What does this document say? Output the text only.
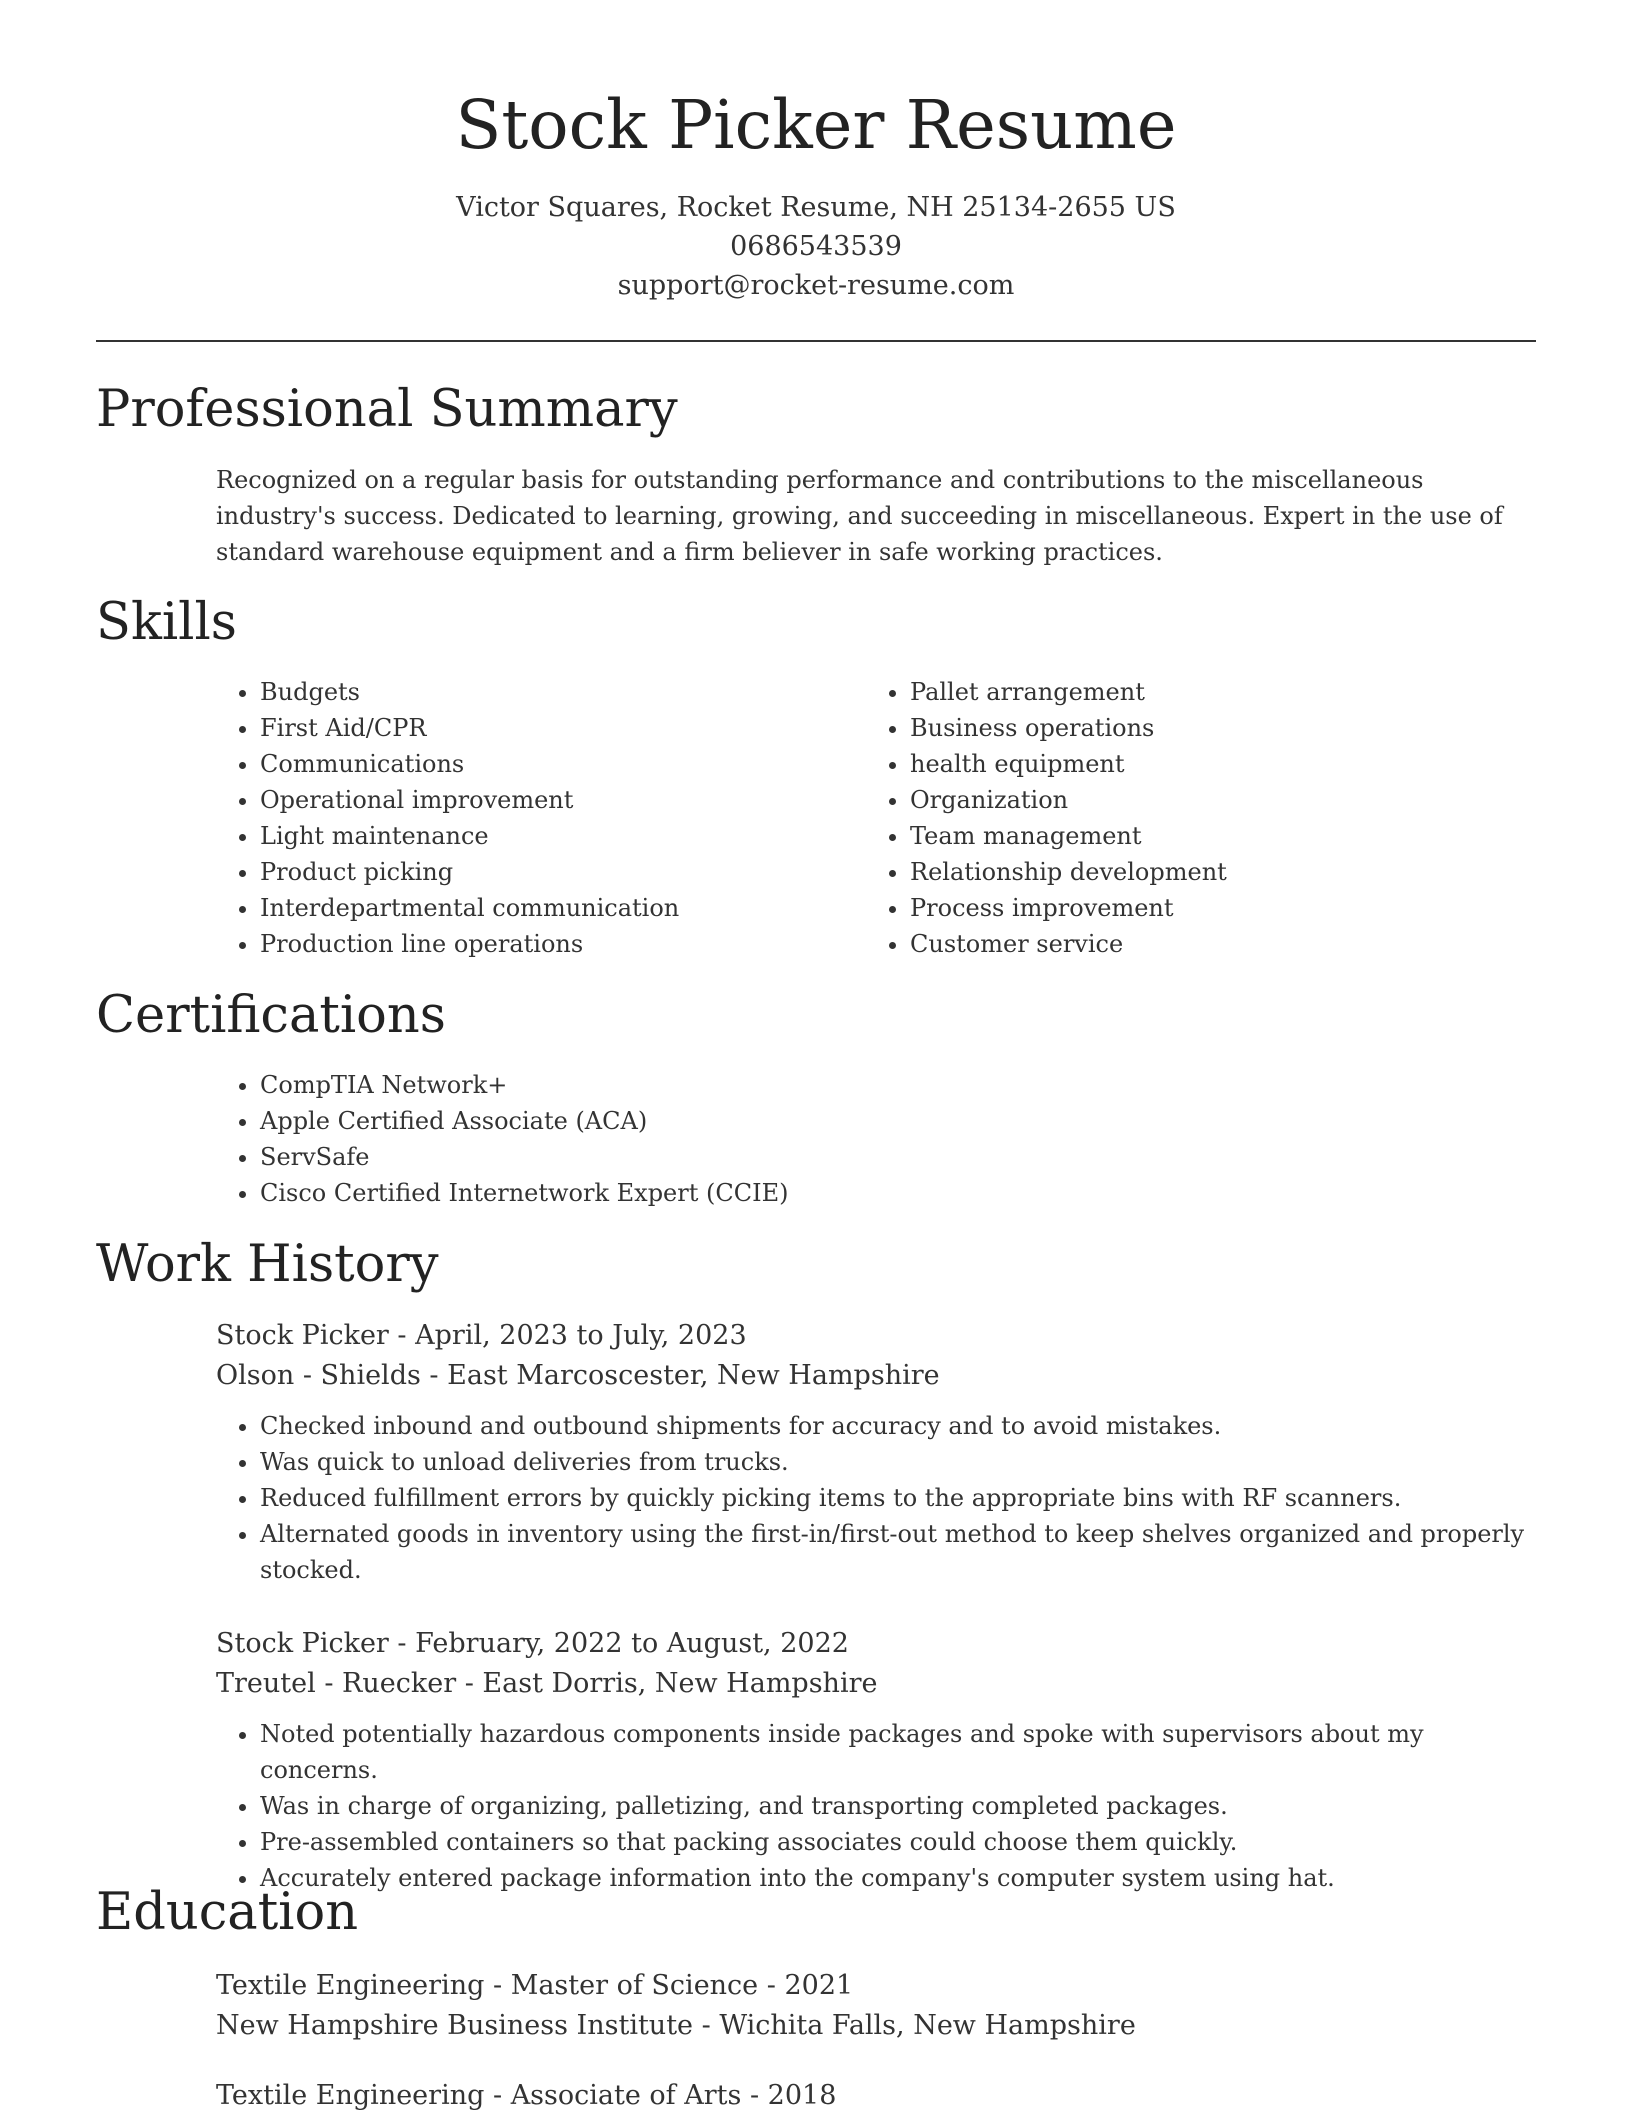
Stock Picker Resume
Victor Squares, Rocket Resume, NH 25134-2655 US
0686543539
support@rocket-resume.com
Professional Summary

Recognized on a regular basis for outstanding performance and contributions to the miscellaneous industry's success. Dedicated to learning, growing, and succeeding in miscellaneous. Expert in the use of standard warehouse equipment and a firm believer in safe working practices.

Skills
• Budgets
• First Aid/CPR
• Communications
• Operational improvement
• Light maintenance
• Product picking
• Interdepartmental communication
• Production line operations
• Pallet arrangement
• Business operations
• health equipment
• Organization
• Team management
• Relationship development
• Process improvement
• Customer service
Certifications
• CompTIA Network+
• Apple Certified Associate (ACA)
• ServSafe
• Cisco Certified Internetwork Expert (CCIE)
Work History
Stock Picker - April, 2023 to July, 2023
Olson - Shields - East Marcoscester, New Hampshire
• Checked inbound and outbound shipments for accuracy and to avoid mistakes.
• Was quick to unload deliveries from trucks.
• Reduced fulfillment errors by quickly picking items to the appropriate bins with RF scanners.
• Alternated goods in inventory using the first-in/first-out method to keep shelves organized and properly stocked.
Stock Picker - February, 2022 to August, 2022
Treutel - Ruecker - East Dorris, New Hampshire
• Noted potentially hazardous components inside packages and spoke with supervisors about my concerns.
• Was in charge of organizing, palletizing, and transporting completed packages.
• Pre-assembled containers so that packing associates could choose them quickly.
• Accurately entered package information into the company's computer system using hat.
Education
Textile Engineering - Master of Science - 2021
New Hampshire Business Institute - Wichita Falls, New Hampshire
Textile Engineering - Associate of Arts - 2018
